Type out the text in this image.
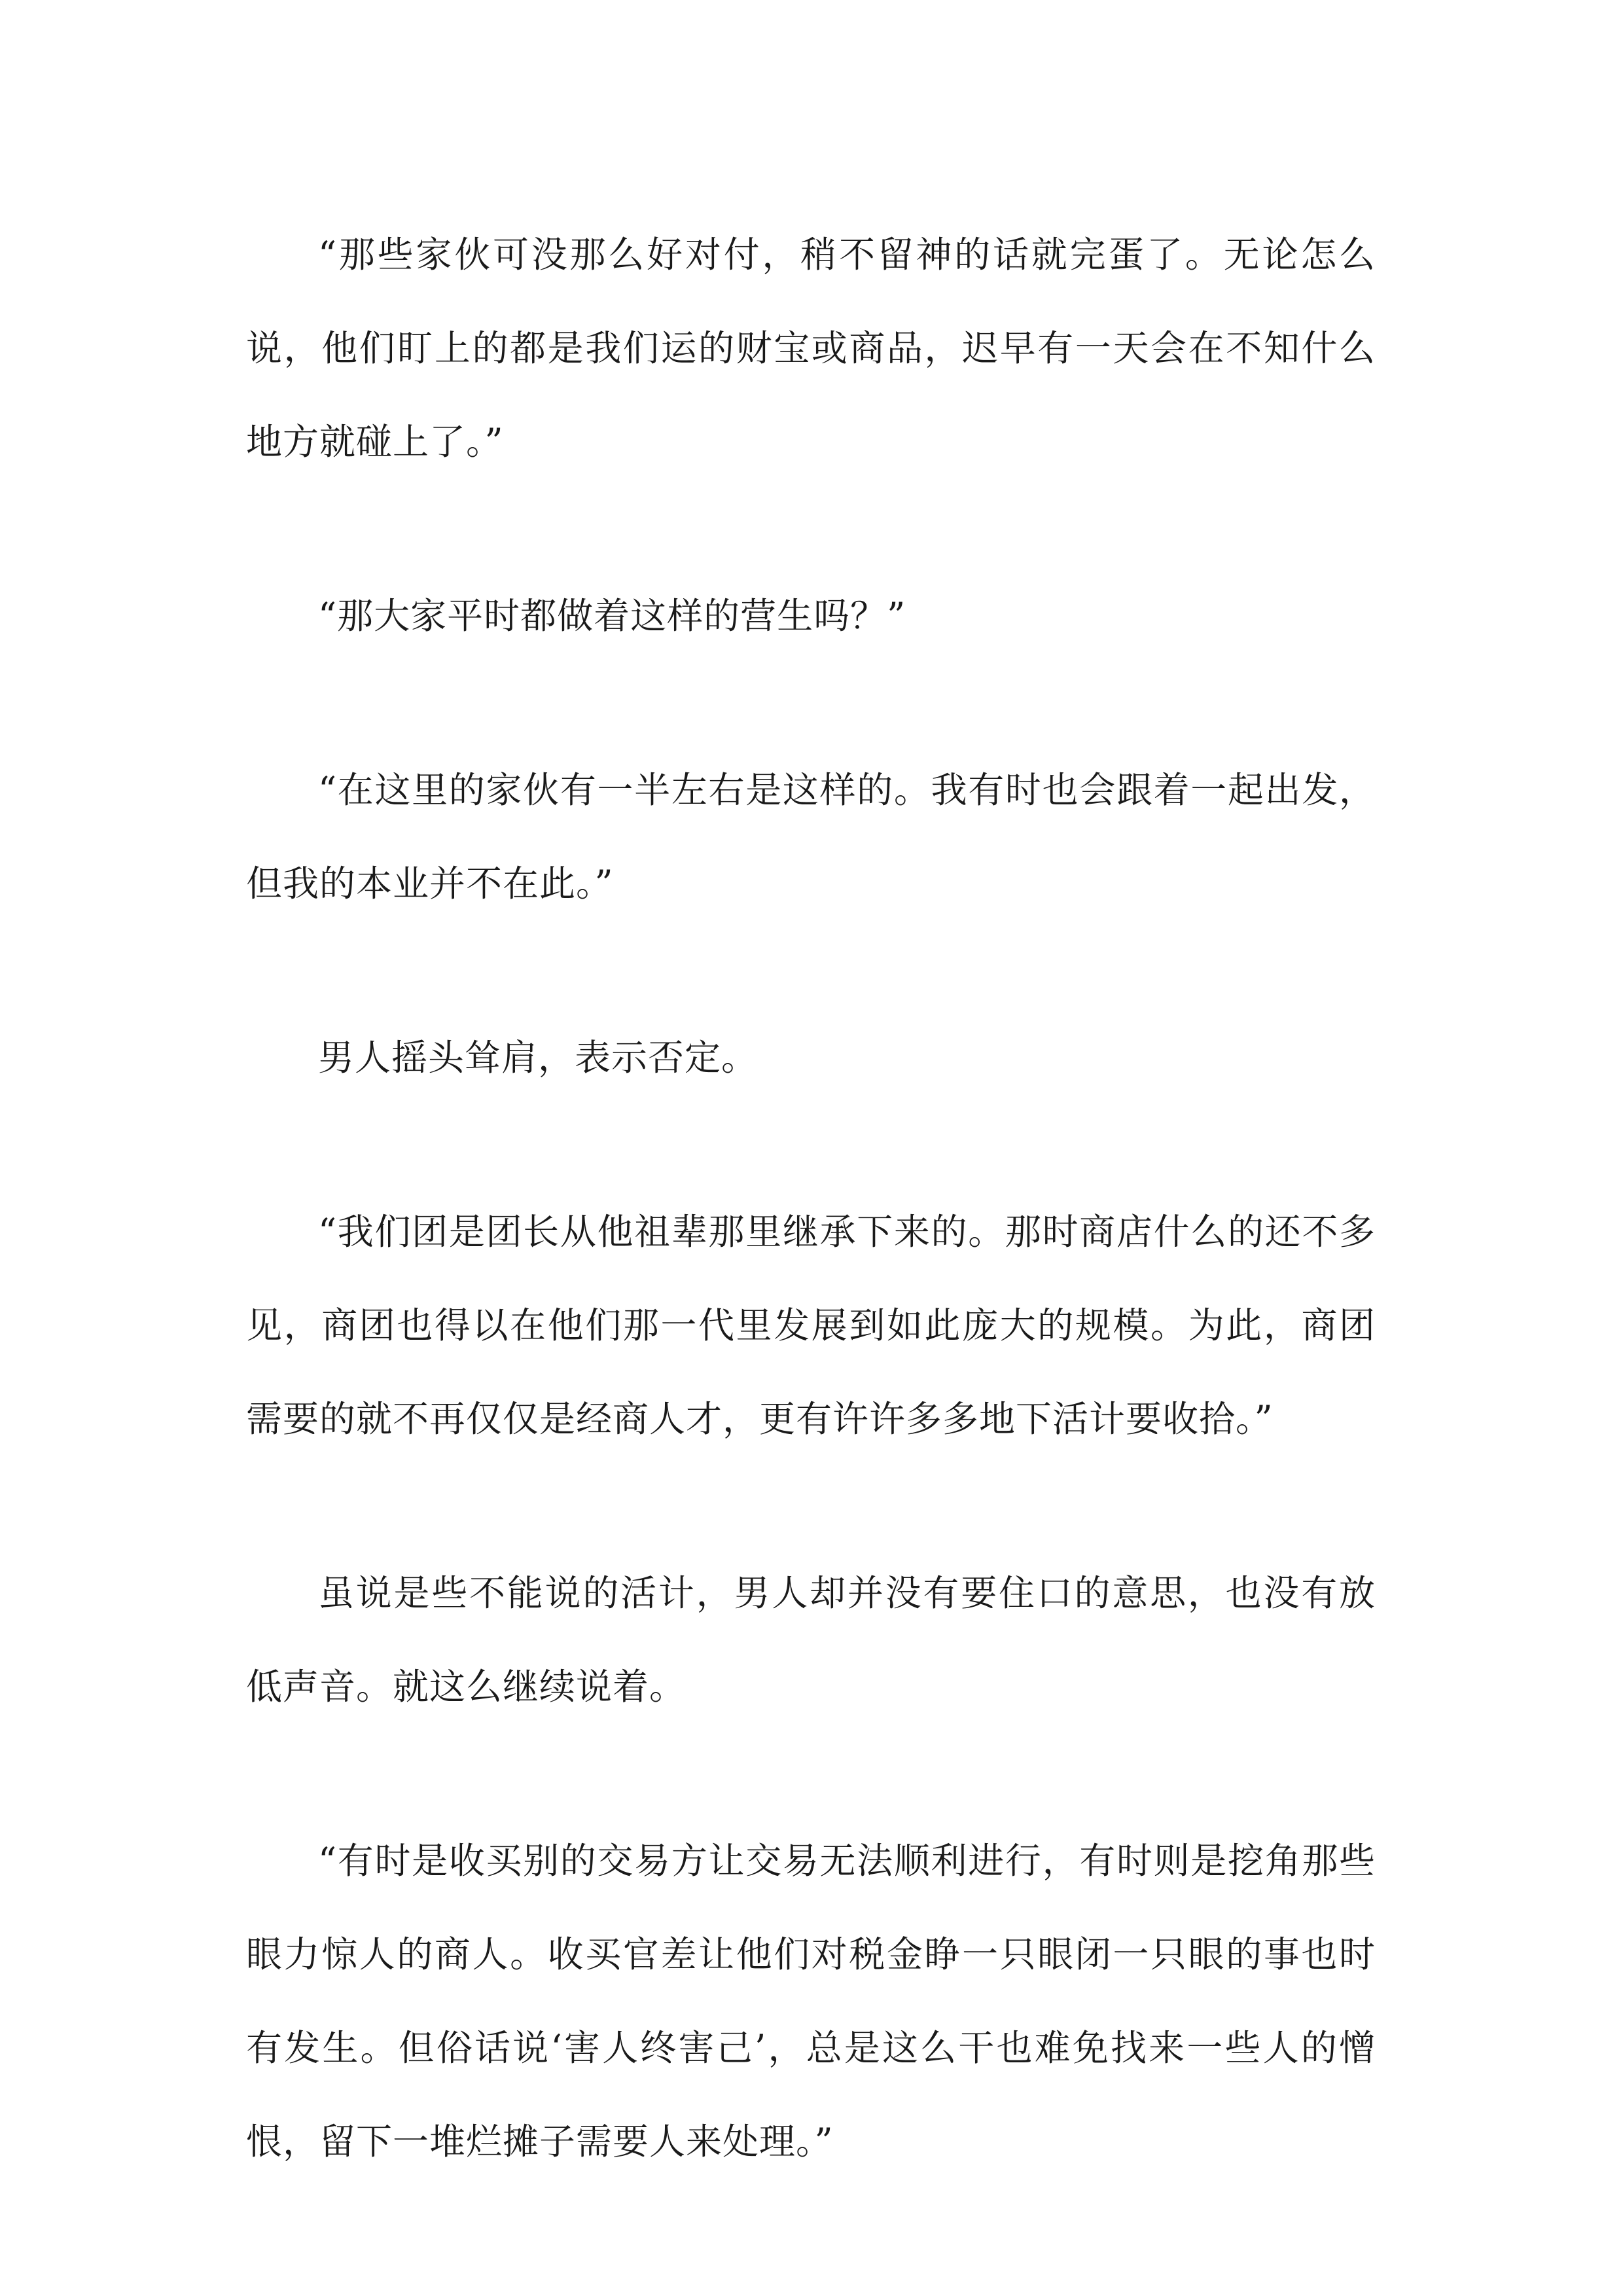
“那些家伙可没那么好对付，稍不留神的话就完蛋了。无论怎么说，他们盯上的都是我们运的财宝或商品，迟早有一天会在不知什么地方就碰上了。”

“那大家平时都做着这样的营生吗？”

“在这里的家伙有一半左右是这样的。我有时也会跟着一起出发，但我的本业并不在此。”

男人摇头耸肩，表示否定。

“我们团是团长从他祖辈那里继承下来的。那时商店什么的还不多见，商团也得以在他们那一代里发展到如此庞大的规模。为此，商团需要的就不再仅仅是经商人才，更有许许多多地下活计要收拾。”

虽说是些不能说的活计，男人却并没有要住口的意思，也没有放低声音。就这么继续说着。

“有时是收买别的交易方让交易无法顺利进行，有时则是挖角那些眼力惊人的商人。收买官差让他们对税金睁一只眼闭一只眼的事也时有发生。但俗话说‘害人终害己’，总是这么干也难免找来一些人的憎恨，留下一堆烂摊子需要人来处理。”
